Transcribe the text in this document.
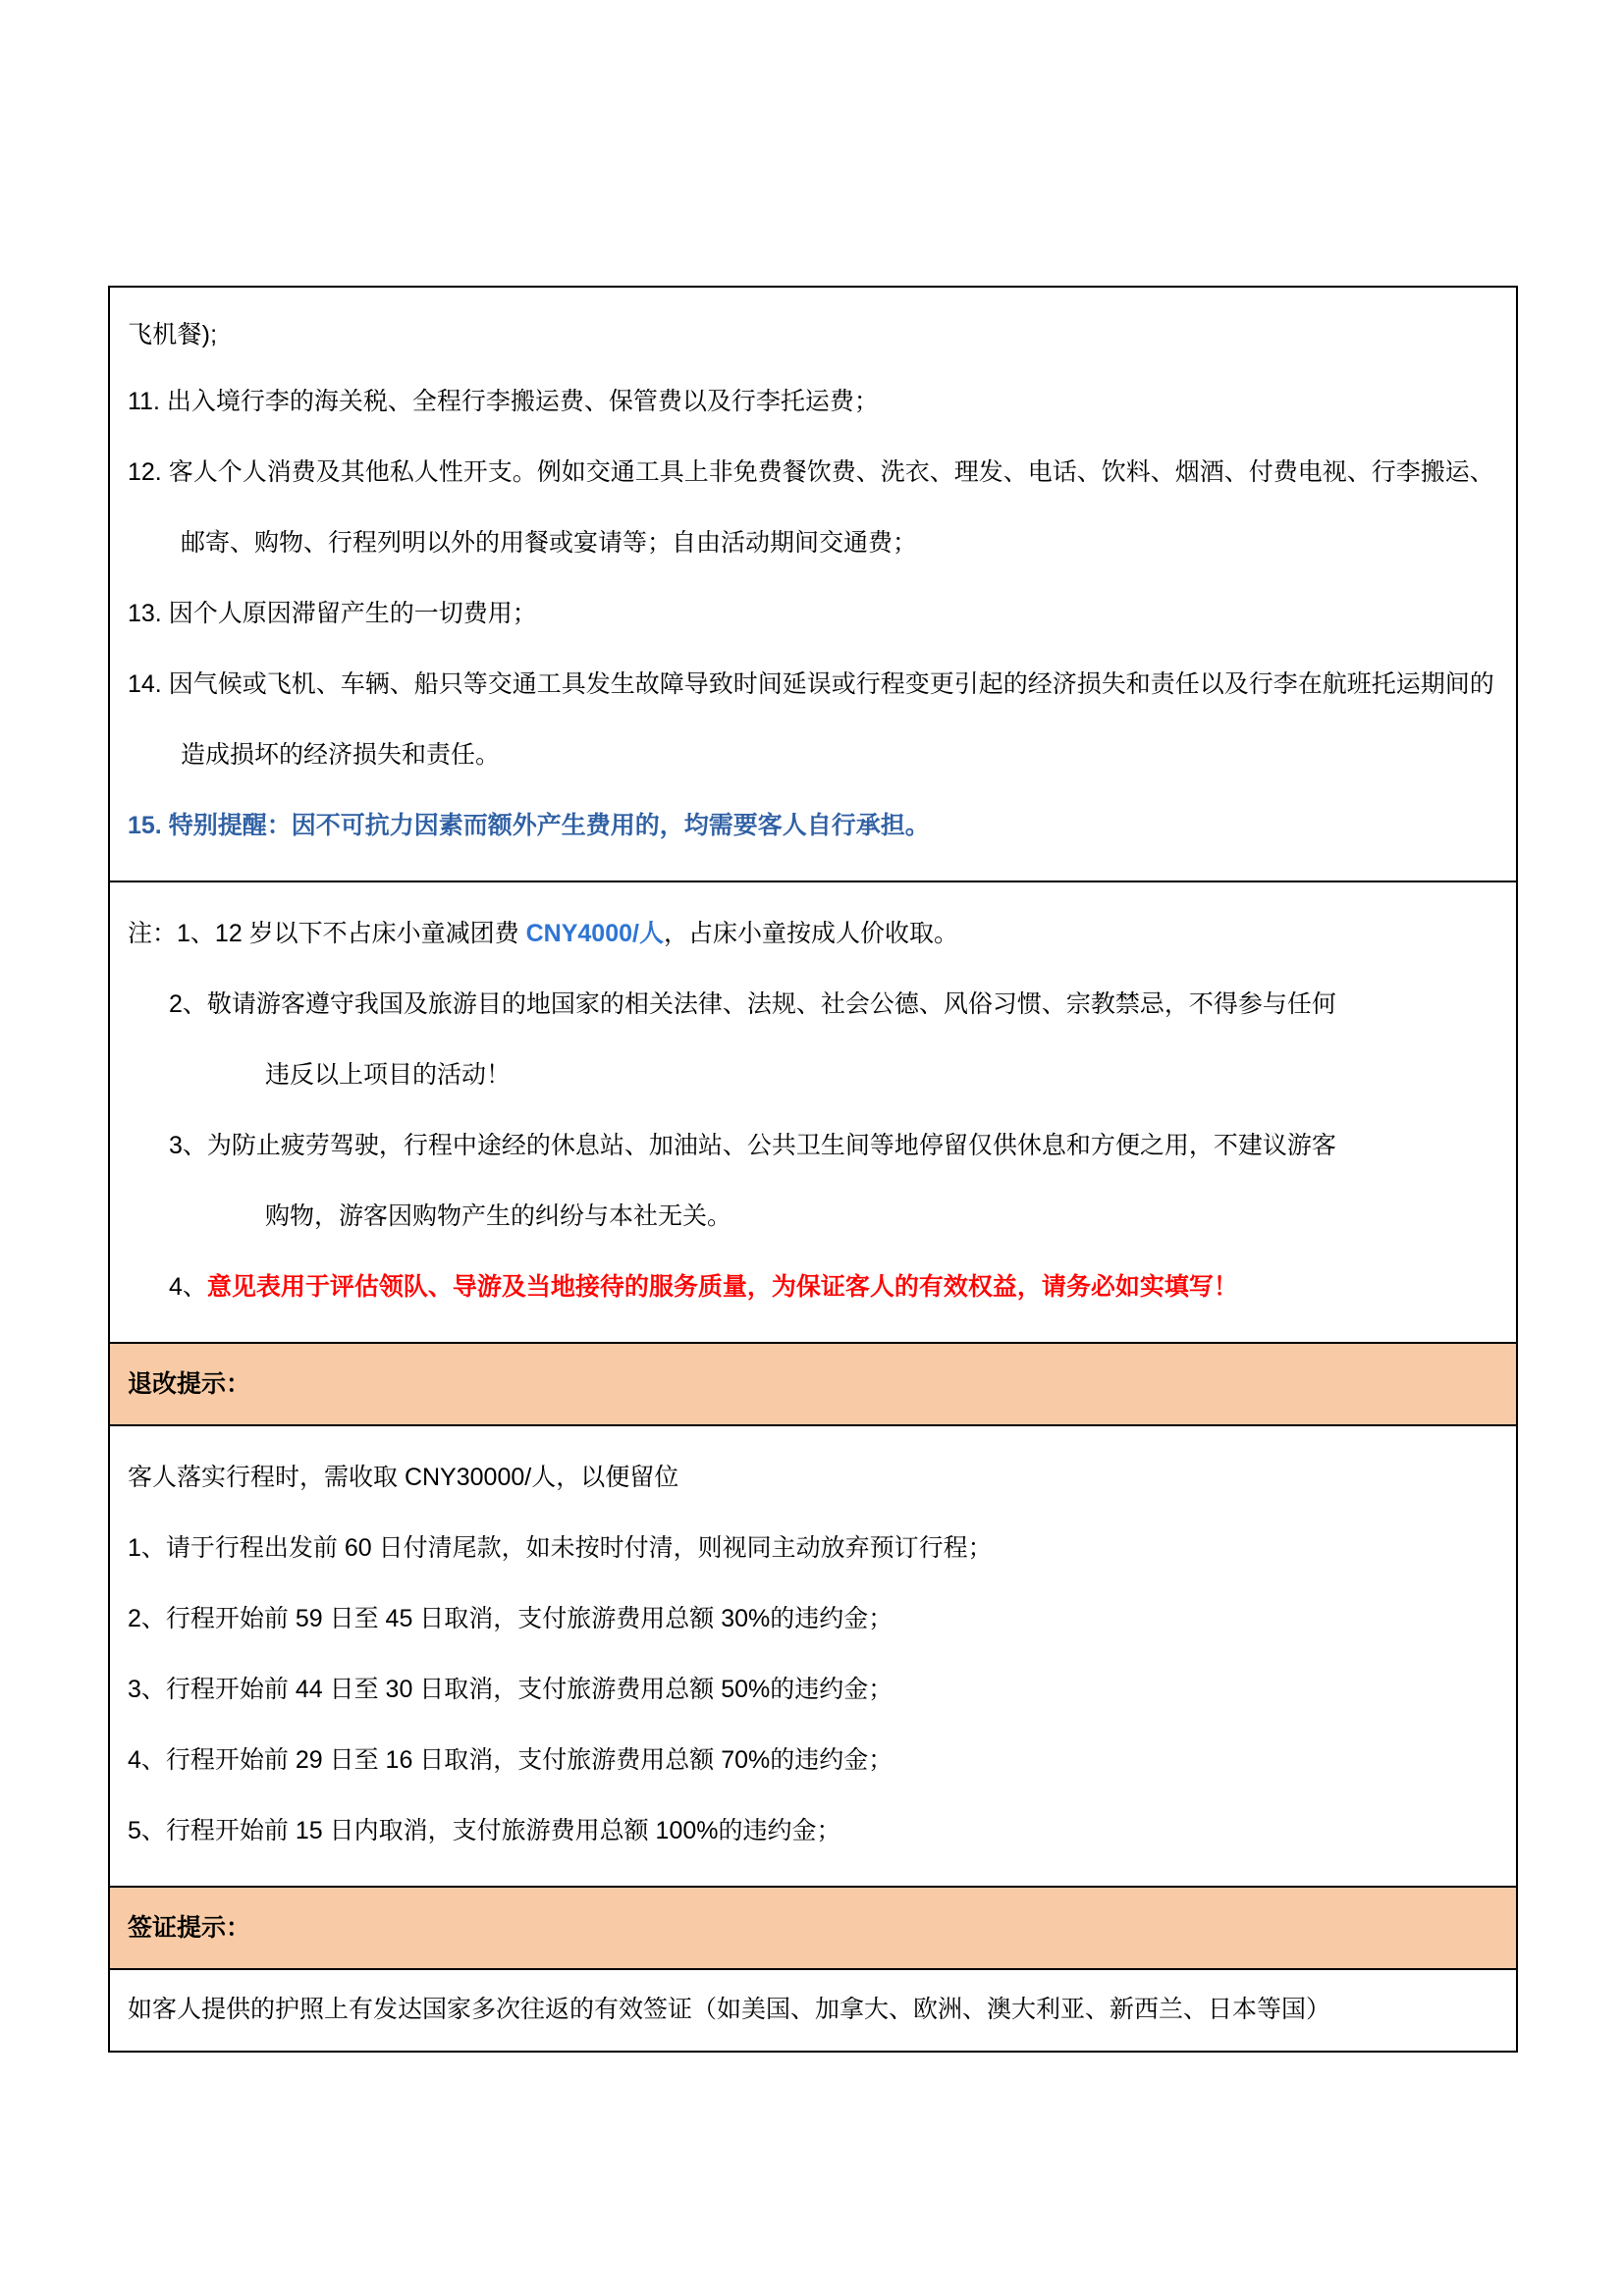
飞机餐);
11. 出入境行李的海关税、全程行李搬运费、保管费以及行李托运费；
12. 客人个人消费及其他私人性开支。例如交通工具上非免费餐饮费、洗衣、理发、电话、饮料、烟酒、付费电视、行李搬运、邮寄、购物、行程列明以外的用餐或宴请等；自由活动期间交通费；
13. 因个人原因滞留产生的一切费用；
14. 因气候或飞机、车辆、船只等交通工具发生故障导致时间延误或行程变更引起的经济损失和责任以及行李在航班托运期间的造成损坏的经济损失和责任。
15. 特别提醒：因不可抗力因素而额外产生费用的，均需要客人自行承担。

注：1、12 岁以下不占床小童减团费 CNY4000/人，占床小童按成人价收取。
2、敬请游客遵守我国及旅游目的地国家的相关法律、法规、社会公德、风俗习惯、宗教禁忌，不得参与任何
违反以上项目的活动！
3、为防止疲劳驾驶，行程中途经的休息站、加油站、公共卫生间等地停留仅供休息和方便之用，不建议游客
购物，游客因购物产生的纠纷与本社无关。
4、意见表用于评估领队、导游及当地接待的服务质量，为保证客人的有效权益，请务必如实填写！

退改提示：

客人落实行程时，需收取 CNY30000/人，以便留位
1、请于行程出发前 60 日付清尾款，如未按时付清，则视同主动放弃预订行程；
2、行程开始前 59 日至 45 日取消，支付旅游费用总额 30%的违约金；
3、行程开始前 44 日至 30 日取消，支付旅游费用总额 50%的违约金；
4、行程开始前 29 日至 16 日取消，支付旅游费用总额 70%的违约金；
5、行程开始前 15 日内取消，支付旅游费用总额 100%的违约金；

签证提示：

如客人提供的护照上有发达国家多次往返的有效签证（如美国、加拿大、欧洲、澳大利亚、新西兰、日本等国）
